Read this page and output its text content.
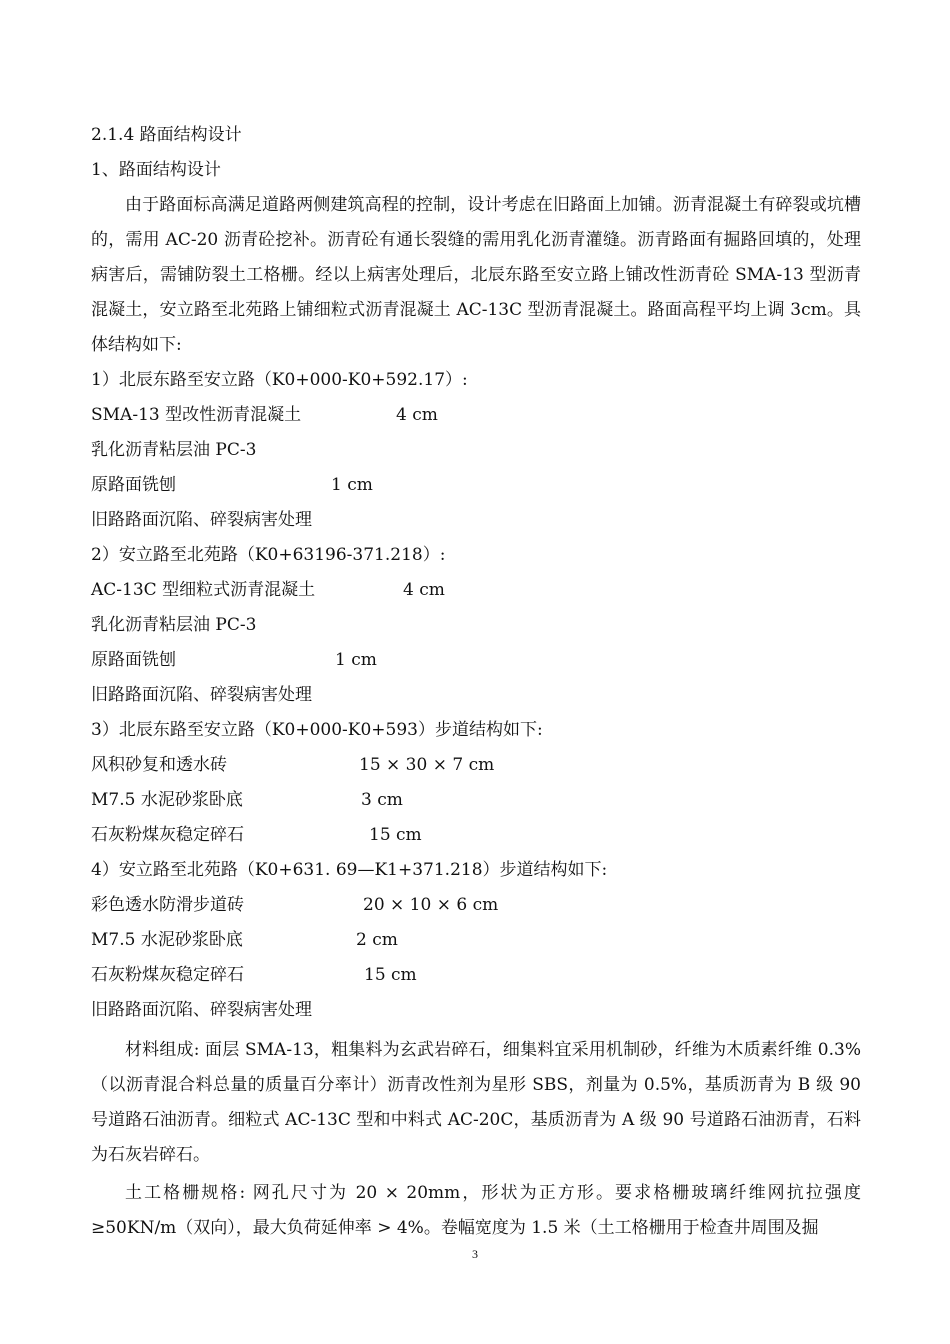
2.1.4 路面结构设计
1、路面结构设计
由于路面标高满足道路两侧建筑高程的控制，设计考虑在旧路面上加铺。沥青混凝土有碎裂或坑槽的，需用 AC-20 沥青砼挖补。沥青砼有通长裂缝的需用乳化沥青灌缝。沥青路面有掘路回填的，处理病害后，需铺防裂土工格栅。经以上病害处理后，北辰东路至安立路上铺改性沥青砼 SMA-13 型沥青混凝土，安立路至北苑路上铺细粒式沥青混凝土 AC-13C 型沥青混凝土。路面高程平均上调 3cm。具体结构如下:
1）北辰东路至安立路（K0+000-K0+592.17）:
SMA-13 型改性沥青混凝土	4 cm
乳化沥青粘层油 PC-3
原路面铣刨	1 cm
旧路路面沉陷、碎裂病害处理
2）安立路至北苑路（K0+63196-371.218）:
AC-13C 型细粒式沥青混凝土	4 cm
乳化沥青粘层油 PC-3
原路面铣刨	1 cm
旧路路面沉陷、碎裂病害处理
3）北辰东路至安立路（K0+000-K0+593）步道结构如下:
风积砂复和透水砖	15 × 30 × 7 cm
M7.5 水泥砂浆卧底	3 cm
石灰粉煤灰稳定碎石	15 cm
4）安立路至北苑路（K0+631. 69—K1+371.218）步道结构如下:
彩色透水防滑步道砖	20 × 10 × 6 cm
M7.5 水泥砂浆卧底	2 cm
石灰粉煤灰稳定碎石	15 cm
旧路路面沉陷、碎裂病害处理
材料组成: 面层 SMA-13，粗集料为玄武岩碎石，细集料宜采用机制砂，纤维为木质素纤维 0.3%（以沥青混合料总量的质量百分率计）沥青改性剂为星形 SBS，剂量为 0.5%，基质沥青为 B 级 90 号道路石油沥青。细粒式 AC-13C 型和中料式 AC-20C，基质沥青为 A 级 90 号道路石油沥青，石料为石灰岩碎石。
土工格栅规格: 网孔尺寸为 20 × 20mm，形状为正方形。要求格栅玻璃纤维网抗拉强度 ≥50KN/m（双向），最大负荷延伸率 > 4%。卷幅宽度为 1.5 米（土工格栅用于检查井周围及掘
3
